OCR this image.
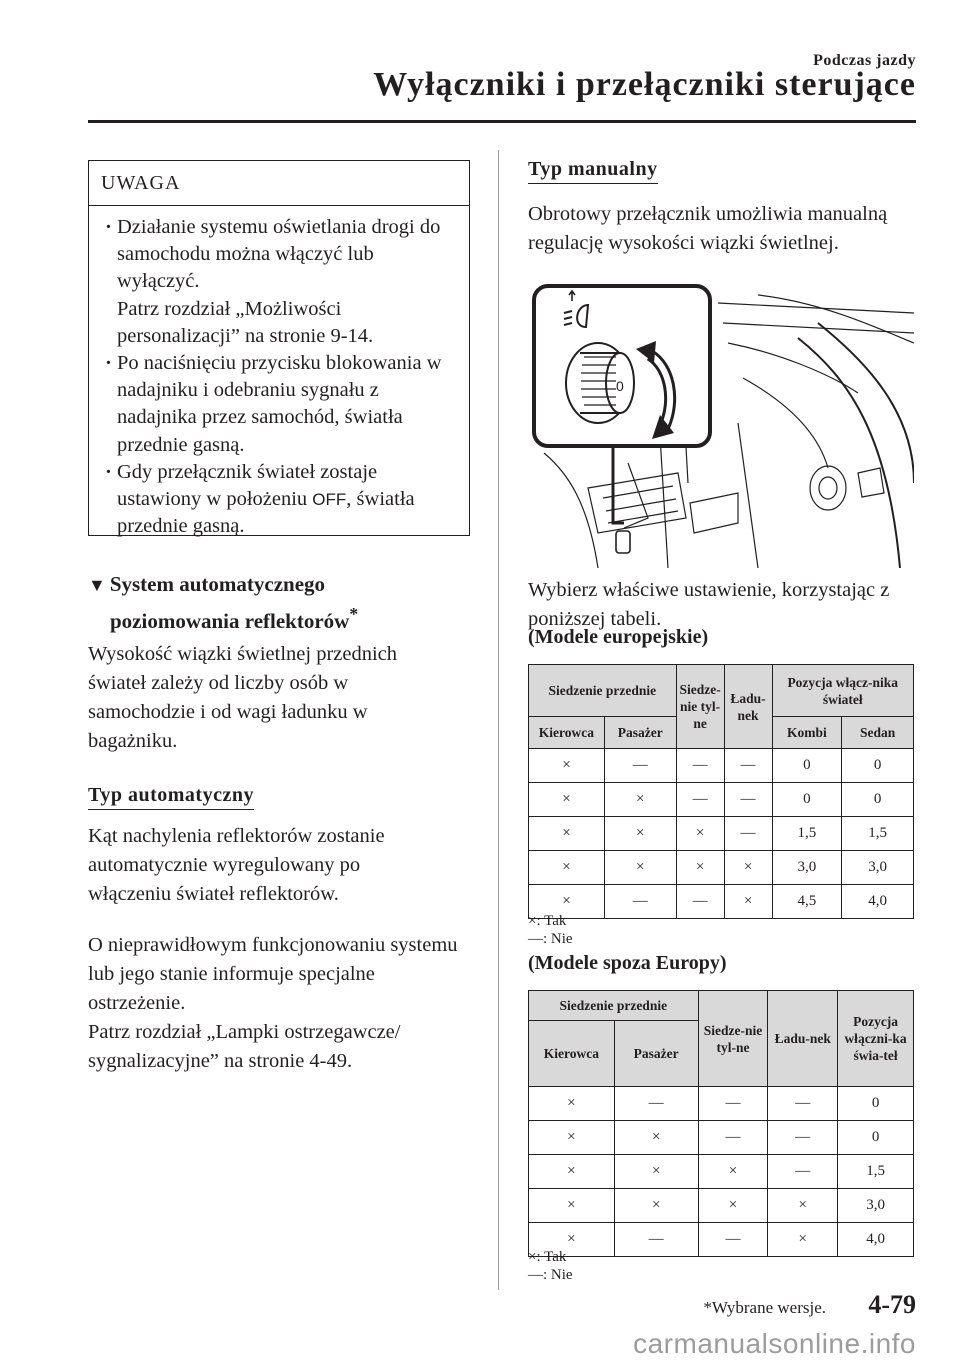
Podczas jazdy
Wyłączniki i przełączniki sterujące
UWAGA
· Działanie systemu oświetlania drogi do samochodu można włączyć lub wyłączyć.
Patrz rozdział „Możliwości personalizacji” na stronie 9-14.
· Po naciśnięciu przycisku blokowania w nadajniku i odebraniu sygnału z nadajnika przez samochód, światła przednie gasną.
· Gdy przełącznik świateł zostaje ustawiony w położeniu OFF, światła przednie gasną.
▼ System automatycznego
poziomowania reflektorów*
Wysokość wiązki świetlnej przednich świateł zależy od liczby osób w samochodzie i od wagi ładunku w bagażniku.
Typ automatyczny
Kąt nachylenia reflektorów zostanie automatycznie wyregulowany po włączeniu świateł reflektorów.
O nieprawidłowym funkcjonowaniu systemu lub jego stanie informuje specjalne ostrzeżenie.
Patrz rozdział „Lampki ostrzegawcze/ sygnalizacyjne” na stronie 4-49.
Typ manualny
Obrotowy przełącznik umożliwia manualną regulację wysokości wiązki świetlnej.
0
Wybierz właściwe ustawienie, korzystając z poniższej tabeli.
(Modele europejskie)
Siedzenie przednie		Siedze-nie tyl-ne	Ładu-nek	Pozycja włącz-nika świateł	
Kierowca	Pasażer			Kombi	Sedan
×	—	—	—	0	0
×	×	—	—	0	0
×	×	×	—	1,5	1,5
×	×	×	×	3,0	3,0
×	—	—	×	4,5	4,0
×: Tak
—: Nie
(Modele spoza Europy)
Siedzenie przednie		Siedze-nie tyl-ne	Ładu-nek	Pozycja włączni-ka świa-teł
Kierowca	Pasażer			
×	—	—	—	0
×	×	—	—	0
×	×	×	—	1,5
×	×	×	×	3,0
×	—	—	×	4,0
×: Tak
—: Nie
*Wybrane wersje. 4-79
carmanualsonline.info
